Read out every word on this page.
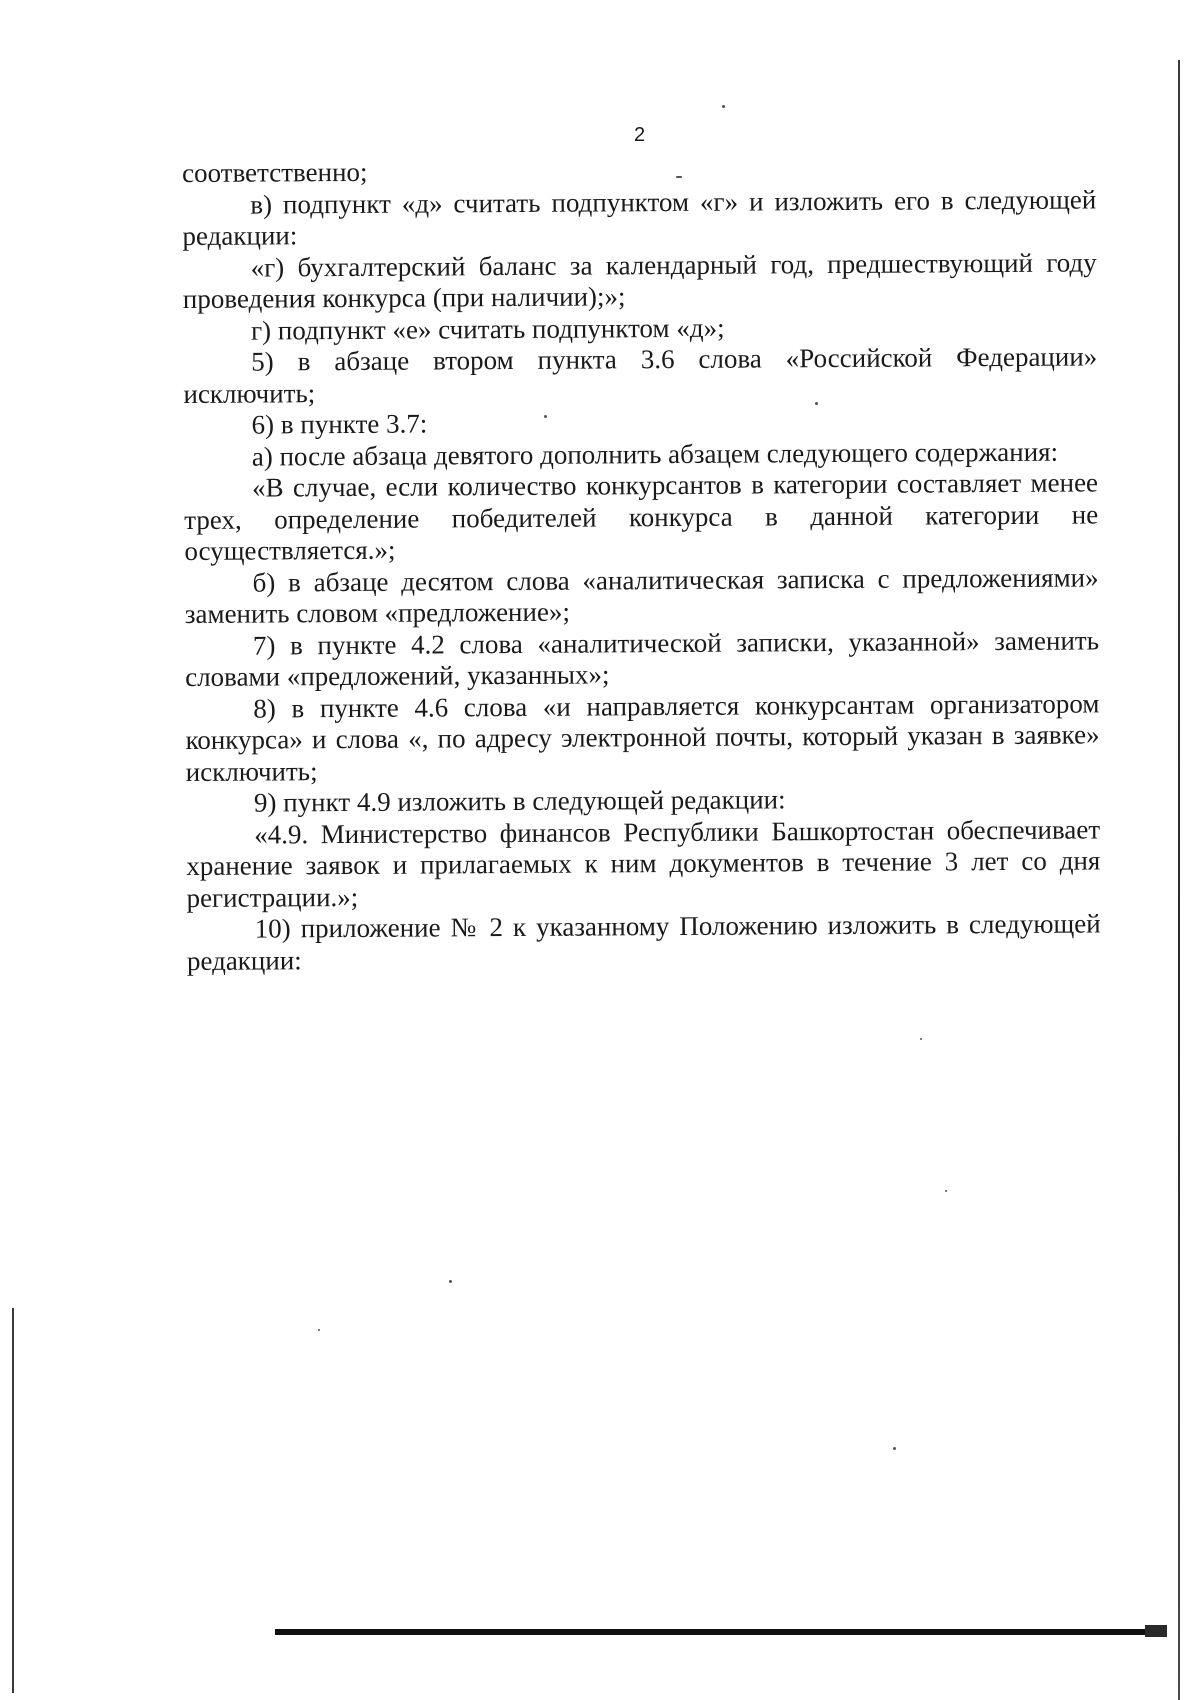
2

соответственно;

в) подпункт «д» считать подпунктом «г» и изложить его в следующей редакции:

«г) бухгалтерский баланс за календарный год, предшествующий году проведения конкурса (при наличии);»;

г) подпункт «е» считать подпунктом «д»;

5) в абзаце втором пункта 3.6 слова «Российской Федерации» исключить;

6) в пункте 3.7:

а) после абзаца девятого дополнить абзацем следующего содержания:

«В случае, если количество конкурсантов в категории составляет менее трех, определение победителей конкурса в данной категории не осуществляется.»;

б) в абзаце десятом слова «аналитическая записка с предложениями» заменить словом «предложение»;

7) в пункте 4.2 слова «аналитической записки, указанной» заменить словами «предложений, указанных»;

8) в пункте 4.6 слова «и направляется конкурсантам организатором конкурса» и слова «, по адресу электронной почты, который указан в заявке» исключить;

9) пункт 4.9 изложить в следующей редакции:

«4.9. Министерство финансов Республики Башкортостан обеспечивает хранение заявок и прилагаемых к ним документов в течение 3 лет со дня регистрации.»;

10) приложение № 2 к указанному Положению изложить в следующей редакции:
